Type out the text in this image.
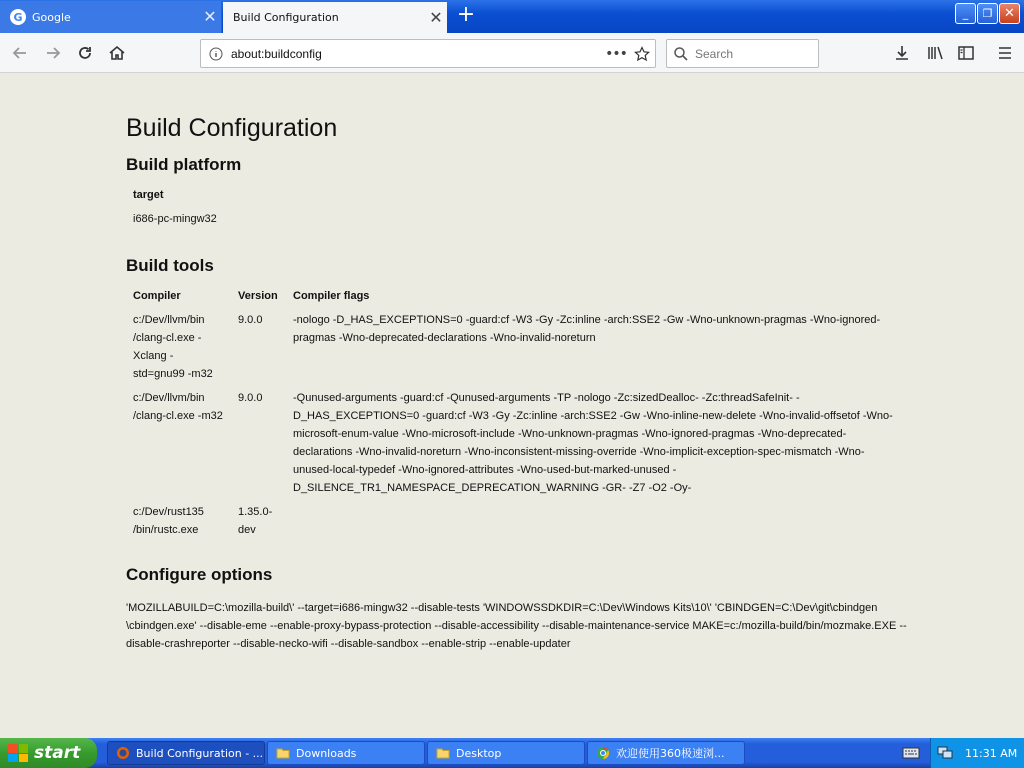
G Google	✕	Build Configuration	✕ +	_	❐ ✕
about:buildconfig	•••
Search
Build Configuration
Build platform
target
i686-pc-mingw32
Build tools
Compiler	Version	Compiler flags
c:/Dev/llvm/bin /clang-cl.exe -Xclang -std=gnu99 -m32	9.0.0	-nologo -D_HAS_EXCEPTIONS=0 -guard:cf -W3 -Gy -Zc:inline -arch:SSE2 -Gw -Wno-unknown-pragmas -Wno-ignored-pragmas -Wno-deprecated-declarations -Wno-invalid-noreturn
c:/Dev/llvm/bin /clang-cl.exe -m32	9.0.0	-Qunused-arguments -guard:cf -Qunused-arguments -TP -nologo -Zc:sizedDealloc- -Zc:threadSafeInit- -D_HAS_EXCEPTIONS=0 -guard:cf -W3 -Gy -Zc:inline -arch:SSE2 -Gw -Wno-inline-new-delete -Wno-invalid-offsetof -Wno-microsoft-enum-value -Wno-microsoft-include -Wno-unknown-pragmas -Wno-ignored-pragmas -Wno-deprecated-declarations -Wno-invalid-noreturn -Wno-inconsistent-missing-override -Wno-implicit-exception-spec-mismatch -Wno-unused-local-typedef -Wno-ignored-attributes -Wno-used-but-marked-unused -D_SILENCE_TR1_NAMESPACE_DEPRECATION_WARNING -GR- -Z7 -O2 -Oy-
c:/Dev/rust135 /bin/rustc.exe	1.35.0-dev	
Configure options
'MOZILLABUILD=C:\mozilla-build\' --target=i686-mingw32 --disable-tests 'WINDOWSSDKDIR=C:\Dev\Windows Kits\10\' 'CBINDGEN=C:\Dev\git\cbindgen \cbindgen.exe' --disable-eme --enable-proxy-bypass-protection --disable-accessibility --disable-maintenance-service MAKE=c:/mozilla-build/bin/mozmake.EXE --disable-crashreporter --disable-necko-wifi --disable-sandbox --enable-strip --enable-updater
start	Build Configuration - ...	Downloads	Desktop	欢迎使用360极速浏...	11:31 AM
